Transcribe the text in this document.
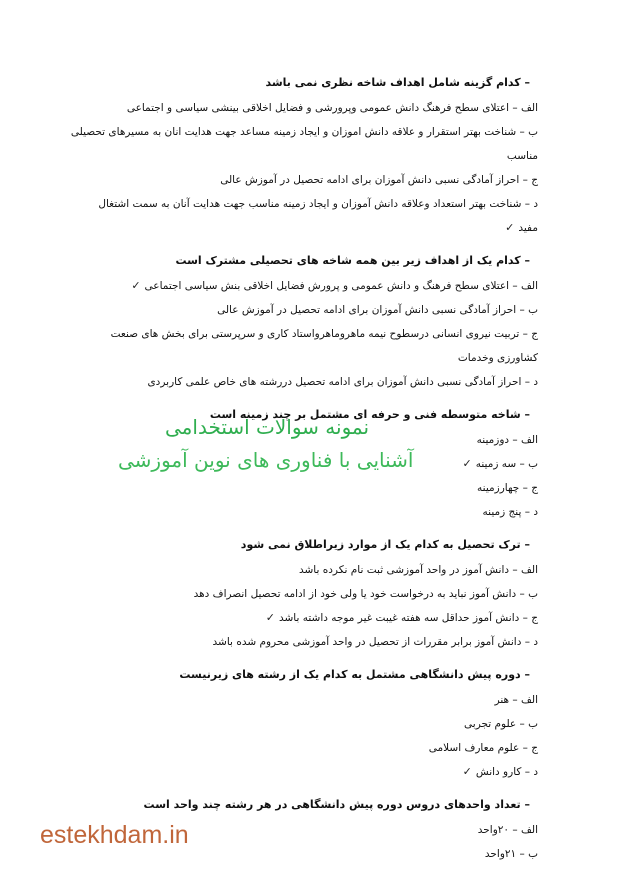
– کدام گزینه شامل اهداف شاخه نظری نمی باشد
الف – اعتلای سطح فرهنگ دانش عمومی وپرورشی و فضایل اخلاقی بینشی سیاسی و اجتماعی
ب – شناخت بهتر استقرار و علاقه دانش اموزان و ایجاد زمینه مساعد جهت هدایت انان به مسیرهای تحصیلی مناسب
ج – احراز آمادگی نسبی دانش آموزان برای ادامه تحصیل در آموزش عالی
د – شناخت بهتر استعداد وعلاقه دانش آموزان و ایجاد زمینه مناسب جهت هدایت آنان به سمت اشتغال مفید✓
– کدام یک از اهداف زیر بین همه شاخه های تحصیلی مشترک است
الف – اعتلای سطح فرهنگ و دانش عمومی و پرورش فضایل اخلاقی بنش سیاسی اجتماعی✓
ب – احراز آمادگی نسبی دانش آموزان برای ادامه تحصیل در آموزش عالی
ج – تربیت نیروی انسانی درسطوح نیمه ماهروماهرواستاد کاری و سرپرستی برای بخش های صنعت کشاورزی وخدمات
د – احراز آمادگی نسبی دانش آموزان برای ادامه تحصیل دررشته های خاص علمی کاربردی
– شاخه متوسطه فنی و حرفه ای مشتمل بر چند زمینه است
الف – دوزمینه
ب – سه زمینه✓
ج – چهارزمینه
د – پنج زمینه
– ترک تحصیل به کدام یک از موارد زیراطلاق نمی شود
الف – دانش آموز در واحد آموزشی ثبت نام نکرده باشد
ب – دانش آموز نباید به درخواست خود یا ولی خود از ادامه تحصیل انصراف دهد
ج – دانش آموز حداقل سه هفته غیبت غیر موجه داشته باشد✓
د – دانش آموز برابر مقررات از تحصیل در واحد آموزشی محروم شده باشد
– دوره پیش دانشگاهی مشتمل به کدام یک از رشته های زیرنیست
الف – هنر
ب – علوم تجربی
ج – علوم معارف اسلامی
د – کارو دانش✓
– تعداد واحدهای دروس دوره پیش دانشگاهی در هر رشته چند واحد است
الف – ۲۰واحد
ب – ۲۱واحد
نمونه سوالات استخدامی
آشنایی با فناوری های نوین آموزشی
estekhdam.in
